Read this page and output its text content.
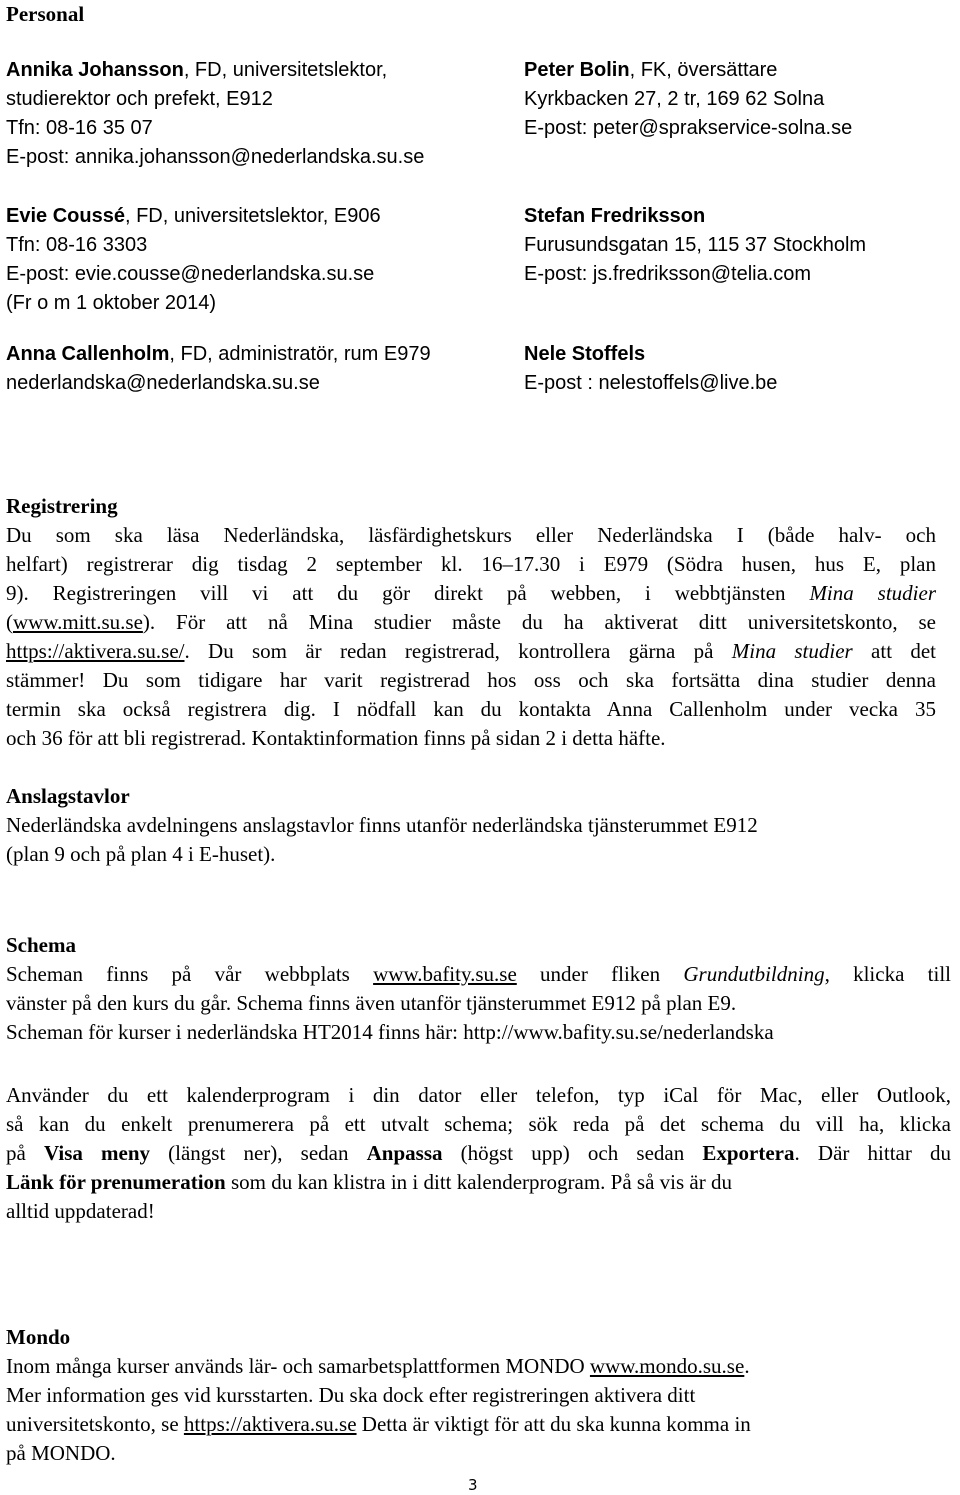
Personal
Annika Johansson, FD, universitetslektor,
studierektor och prefekt, E912
Tfn: 08-16 35 07
E-post: annika.johansson@nederlandska.su.se
Evie Coussé, FD, universitetslektor, E906
Tfn: 08-16 3303
E-post: evie.cousse@nederlandska.su.se
(Fr o m 1 oktober 2014)
Anna Callenholm, FD, administratör, rum E979
nederlandska@nederlandska.su.se
Peter Bolin, FK, översättare
Kyrkbacken 27, 2 tr, 169 62 Solna
E-post: peter@sprakservice-solna.se
Stefan Fredriksson
Furusundsgatan 15, 115 37 Stockholm
E-post: js.fredriksson@telia.com
Nele Stoffels
E-post : nelestoffels@live.be
Registrering
Du som ska läsa Nederländska, läsfärdighetskurs eller Nederländska I (både halv- och
helfart) registrerar dig tisdag 2 september kl. 16–17.30 i E979 (Södra husen, hus E, plan
9). Registreringen vill vi att du gör direkt på webben, i webbtjänsten Mina studier
(www.mitt.su.se). För att nå Mina studier måste du ha aktiverat ditt universitetskonto, se
https://aktivera.su.se/. Du som är redan registrerad, kontrollera gärna på Mina studier att det
stämmer! Du som tidigare har varit registrerad hos oss och ska fortsätta dina studier denna
termin ska också registrera dig. I nödfall kan du kontakta Anna Callenholm under vecka 35
och 36 för att bli registrerad. Kontaktinformation finns på sidan 2 i detta häfte.
Anslagstavlor
Nederländska avdelningens anslagstavlor finns utanför nederländska tjänsterummet E912
(plan 9 och på plan 4 i E-huset).
Schema
Scheman finns på vår webbplats www.bafity.su.se under fliken Grundutbildning, klicka till
vänster på den kurs du går. Schema finns även utanför tjänsterummet E912 på plan E9.
Scheman för kurser i nederländska HT2014 finns här: http://www.bafity.su.se/nederlandska
Använder du ett kalenderprogram i din dator eller telefon, typ iCal för Mac, eller Outlook,
så kan du enkelt prenumerera på ett utvalt schema; sök reda på det schema du vill ha, klicka
på Visa meny (längst ner), sedan Anpassa (högst upp) och sedan Exportera. Där hittar du
Länk för prenumeration som du kan klistra in i ditt kalenderprogram. På så vis är du
alltid uppdaterad!
Mondo
Inom många kurser används lär- och samarbetsplattformen MONDO www.mondo.su.se.
Mer information ges vid kursstarten. Du ska dock efter registreringen aktivera ditt
universitetskonto, se https://aktivera.su.se Detta är viktigt för att du ska kunna komma in
på MONDO.
3
